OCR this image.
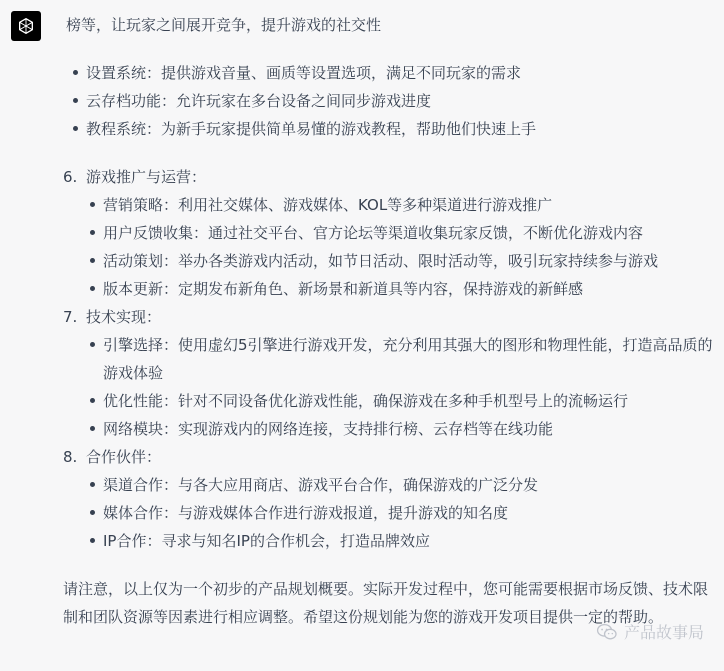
榜等，让玩家之间展开竞争，提升游戏的社交性
设置系统：提供游戏音量、画质等设置选项，满足不同玩家的需求
云存档功能：允许玩家在多台设备之间同步游戏进度
教程系统：为新手玩家提供简单易懂的游戏教程，帮助他们快速上手
6. 游戏推广与运营：
营销策略：利用社交媒体、游戏媒体、KOL等多种渠道进行游戏推广
用户反馈收集：通过社交平台、官方论坛等渠道收集玩家反馈，不断优化游戏内容
活动策划：举办各类游戏内活动，如节日活动、限时活动等，吸引玩家持续参与游戏
版本更新：定期发布新角色、新场景和新道具等内容，保持游戏的新鲜感
7. 技术实现：
引擎选择：使用虚幻5引擎进行游戏开发，充分利用其强大的图形和物理性能，打造高品质的游戏体验
优化性能：针对不同设备优化游戏性能，确保游戏在多种手机型号上的流畅运行
网络模块：实现游戏内的网络连接，支持排行榜、云存档等在线功能
8. 合作伙伴：
渠道合作：与各大应用商店、游戏平台合作，确保游戏的广泛分发
媒体合作：与游戏媒体合作进行游戏报道，提升游戏的知名度
IP合作：寻求与知名IP的合作机会，打造品牌效应

请注意，以上仅为一个初步的产品规划概要。实际开发过程中，您可能需要根据市场反馈、技术限制和团队资源等因素进行相应调整。希望这份规划能为您的游戏开发项目提供一定的帮助。

产品故事局
